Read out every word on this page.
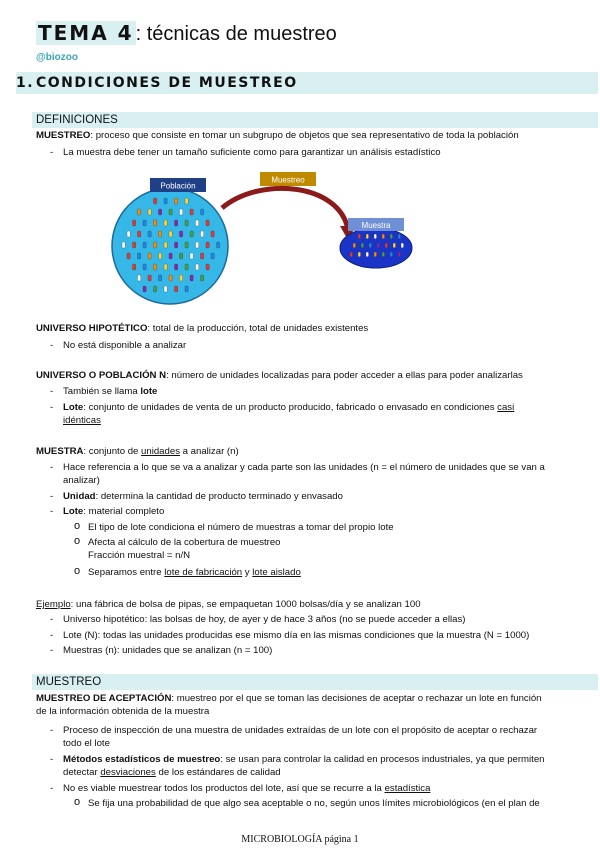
TEMA 4 : técnicas de muestreo
@biozoo
1. CONDICIONES DE MUESTREO
DEFINICIONES
MUESTREO: proceso que consiste en tomar un subgrupo de objetos que sea representativo de toda la población
-	La muestra debe tener un tamaño suficiente como para garantizar un análisis estadístico
Población
Muestreo
Muestra
UNIVERSO HIPOTÉTICO: total de la producción, total de unidades existentes
-	No está disponible a analizar
UNIVERSO O POBLACIÓN N: número de unidades localizadas para poder acceder a ellas para poder analizarlas
-	También se llama lote
-	Lote: conjunto de unidades de venta de un producto producido, fabricado o envasado en condiciones casi
idénticas
MUESTRA: conjunto de unidades a analizar (n)
-	Hace referencia a lo que se va a analizar y cada parte son las unidades (n = el número de unidades que se van a
analizar)
-	Unidad: determina la cantidad de producto terminado y envasado
-	Lote: material completo
o El tipo de lote condiciona el número de muestras a tomar del propio lote
o Afecta al cálculo de la cobertura de muestreo
Fracción muestral = n/N
o Separamos entre lote de fabricación y lote aislado
Ejemplo: una fábrica de bolsa de pipas, se empaquetan 1000 bolsas/día y se analizan 100
-	Universo hipotético: las bolsas de hoy, de ayer y de hace 3 años (no se puede acceder a ellas)
-	Lote (N): todas las unidades producidas ese mismo día en las mismas condiciones que la muestra (N = 1000)
-	Muestras (n): unidades que se analizan (n = 100)
MUESTREO
MUESTREO DE ACEPTACIÓN: muestreo por el que se toman las decisiones de aceptar o rechazar un lote en función
de la información obtenida de la muestra
-	Proceso de inspección de una muestra de unidades extraídas de un lote con el propósito de aceptar o rechazar
todo el lote
-	Métodos estadísticos de muestreo: se usan para controlar la calidad en procesos industriales, ya que permiten
detectar desviaciones de los estándares de calidad
-	No es viable muestrear todos los productos del lote, así que se recurre a la estadística
o Se fija una probabilidad de que algo sea aceptable o no, según unos límites microbiológicos (en el plan de
MICROBIOLOGÍA página 1
